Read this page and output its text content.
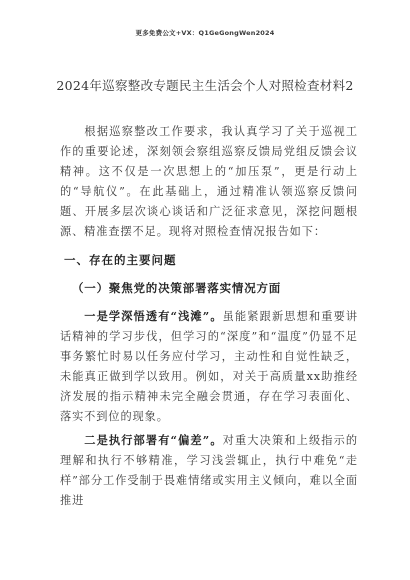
更多免费公文+VX：Q1GeGongWen2024
2024年巡察整改专题民主生活会个人对照检查材料2
根据巡察整改工作要求，我认真学习了关于巡视工作的重要论述，深刻领会察组巡察反馈局党组反馈会议精神。这不仅是一次思想上的“加压泵”，更是行动上的“导航仪”。在此基础上，通过精准认领巡察反馈问题、开展多层次谈心谈话和广泛征求意见，深挖问题根源、精准查摆不足。现将对照检查情况报告如下：
一、存在的主要问题
（一）聚焦党的决策部署落实情况方面
一是学深悟透有“浅滩”。虽能紧跟新思想和重要讲话精神的学习步伐，但学习的“深度”和“温度”仍显不足事务繁忙时易以任务应付学习，主动性和自觉性缺乏，未能真正做到学以致用。例如，对关于高质量xx助推经济发展的指示精神未完全融会贯通，存在学习表面化、落实不到位的现象。
二是执行部署有“偏差”。对重大决策和上级指示的理解和执行不够精准，学习浅尝辄止，执行中难免“走样”部分工作受制于畏难情绪或实用主义倾向，难以全面推进
